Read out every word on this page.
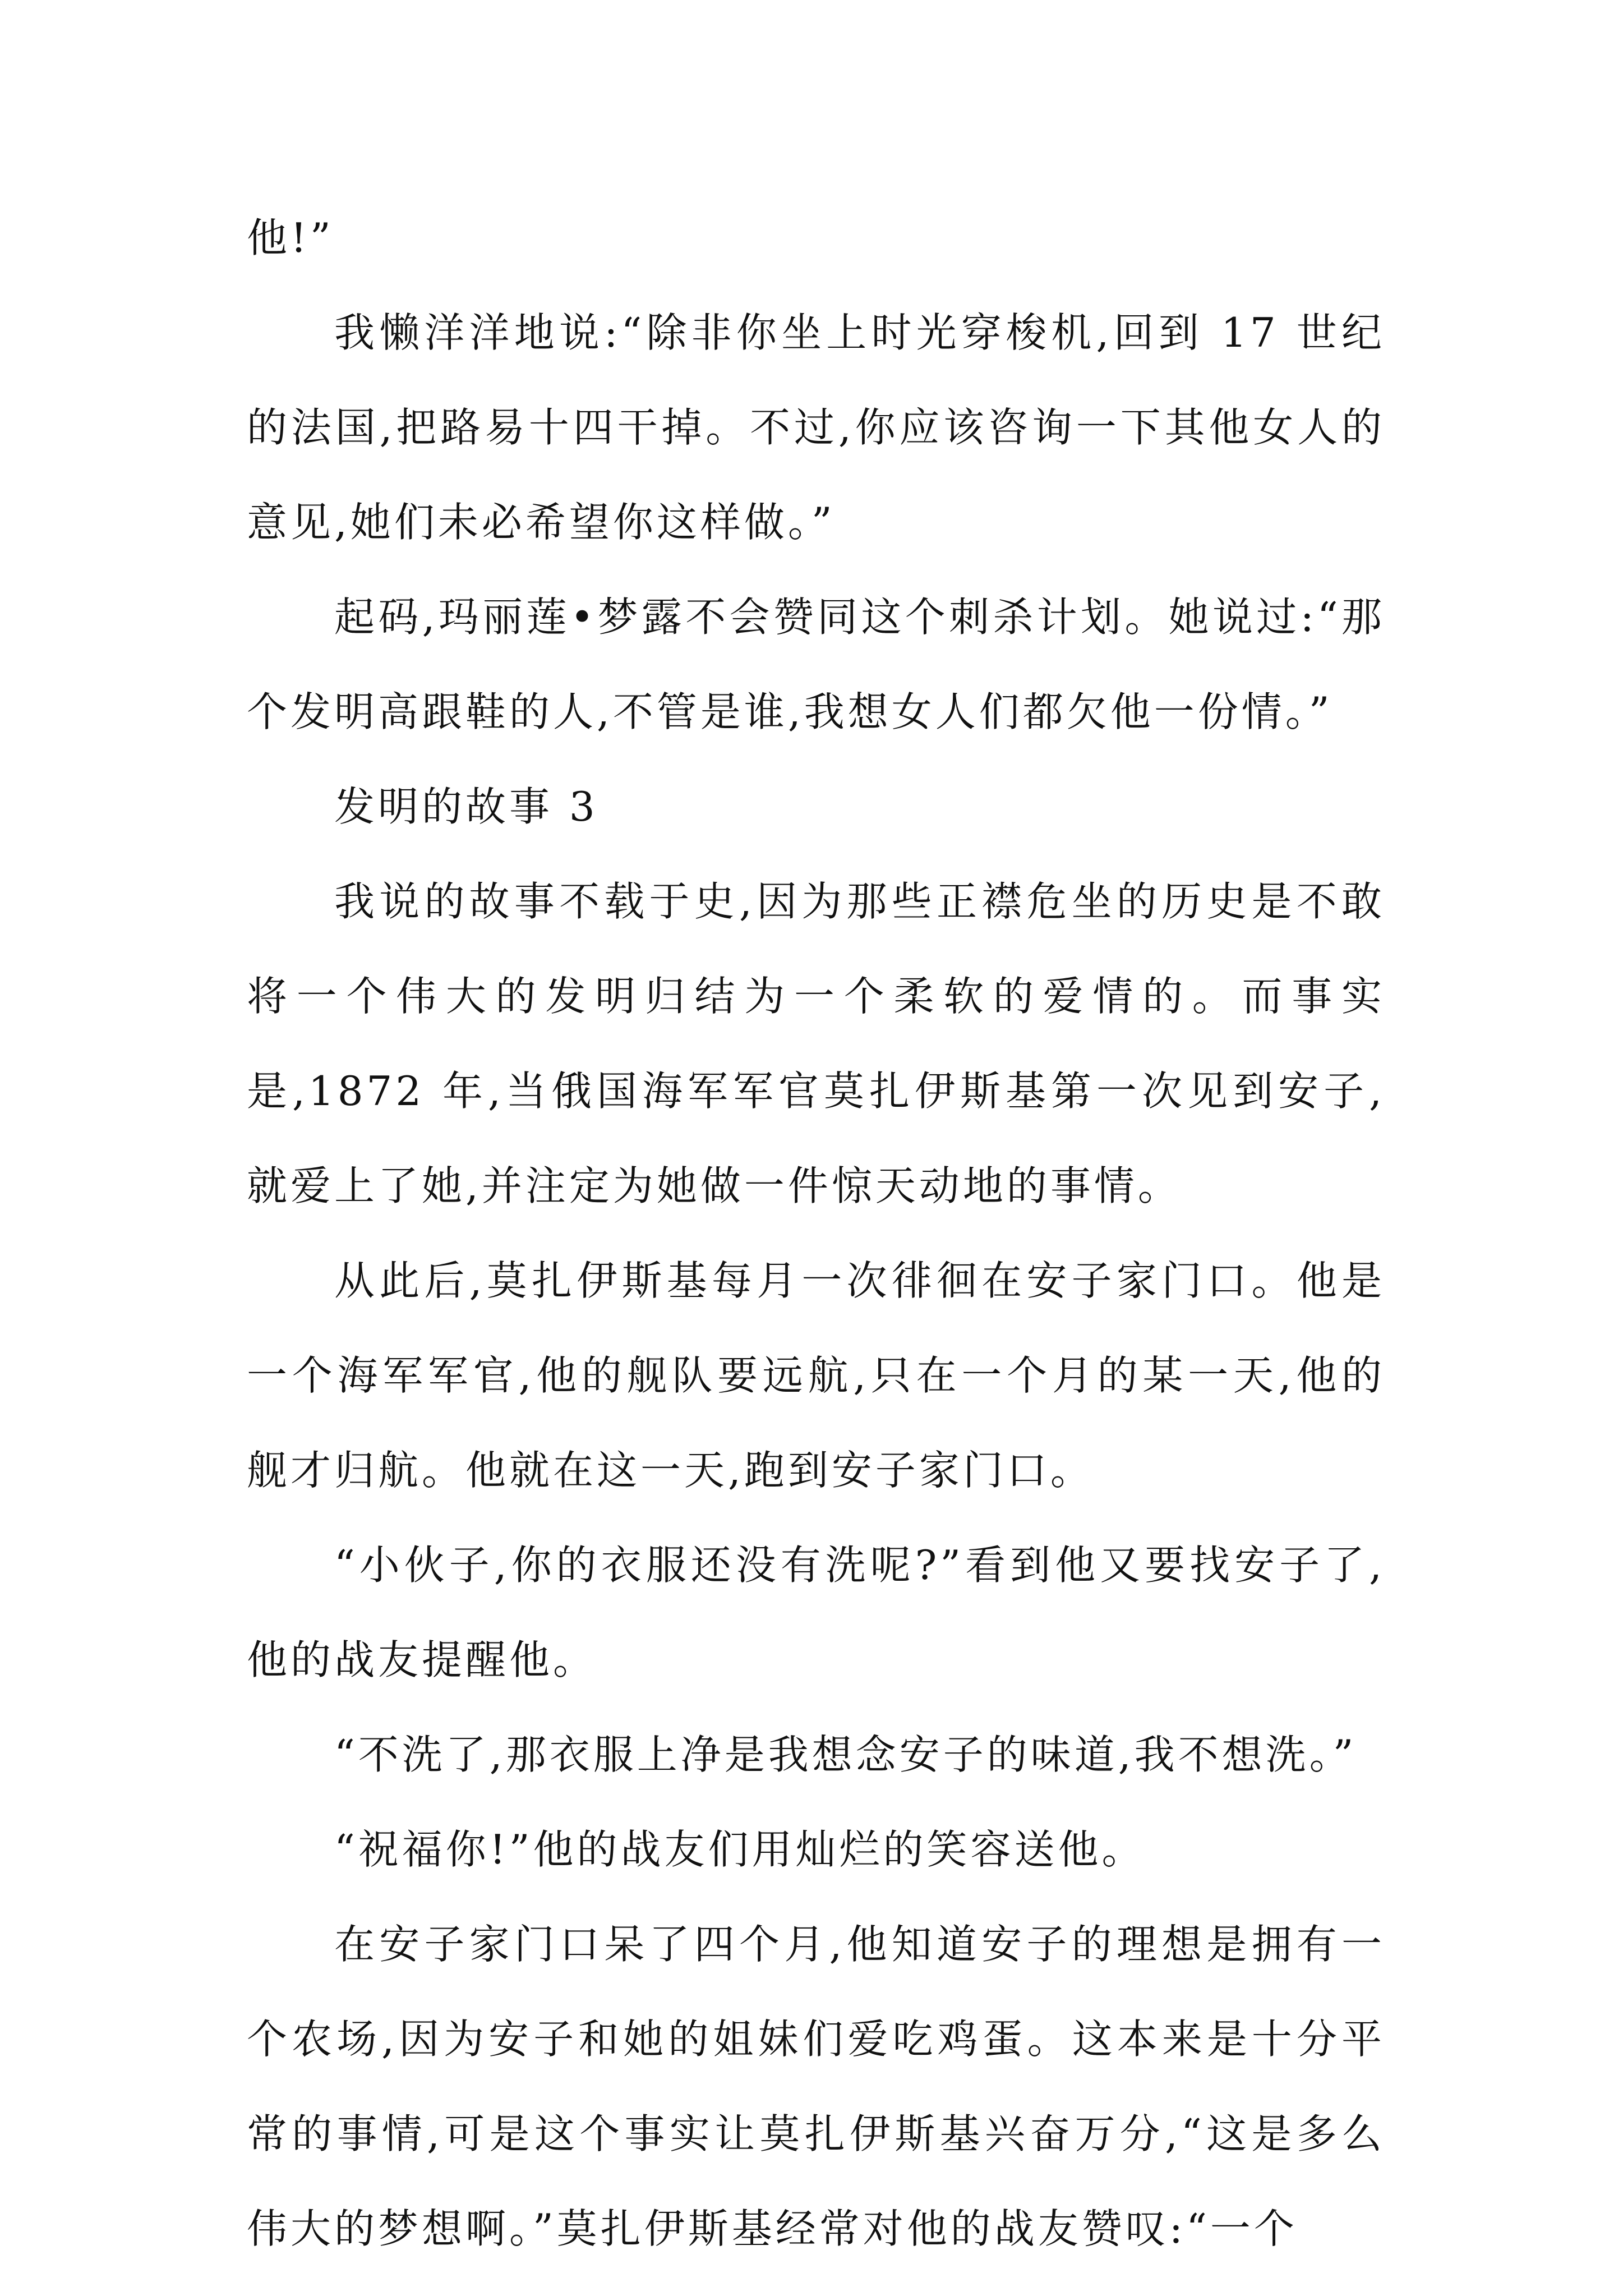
他!”

我懒洋洋地说:“除非你坐上时光穿梭机,回到 17 世纪的法国,把路易十四干掉。不过,你应该咨询一下其他女人的意见,她们未必希望你这样做。”

起码,玛丽莲•梦露不会赞同这个刺杀计划。她说过:“那个发明高跟鞋的人,不管是谁,我想女人们都欠他一份情。”

发明的故事 3

我说的故事不载于史,因为那些正襟危坐的历史是不敢将一个伟大的发明归结为一个柔软的爱情的。而事实是,1872 年,当俄国海军军官莫扎伊斯基第一次见到安子,就爱上了她,并注定为她做一件惊天动地的事情。

从此后,莫扎伊斯基每月一次徘徊在安子家门口。他是一个海军军官,他的舰队要远航,只在一个月的某一天,他的舰才归航。他就在这一天,跑到安子家门口。

“小伙子,你的衣服还没有洗呢?”看到他又要找安子了,他的战友提醒他。

“不洗了,那衣服上净是我想念安子的味道,我不想洗。”

“祝福你!”他的战友们用灿烂的笑容送他。

在安子家门口呆了四个月,他知道安子的理想是拥有一个农场,因为安子和她的姐妹们爱吃鸡蛋。这本来是十分平常的事情,可是这个事实让莫扎伊斯基兴奋万分,“这是多么伟大的梦想啊。”莫扎伊斯基经常对他的战友赞叹:“一个
